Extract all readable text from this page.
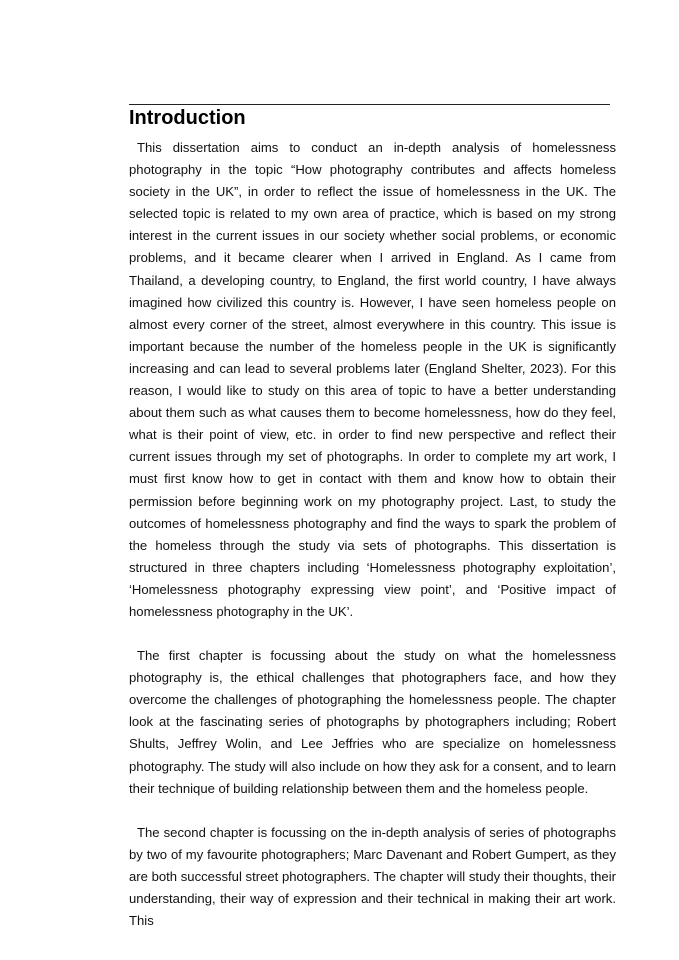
Introduction

This dissertation aims to conduct an in-depth analysis of homelessness photography in the topic “How photography contributes and affects homeless society in the UK”, in order to reflect the issue of homelessness in the UK. The selected topic is related to my own area of practice, which is based on my strong interest in the current issues in our society whether social problems, or economic problems, and it became clearer when I arrived in England. As I came from Thailand, a developing country, to England, the first world country, I have always imagined how civilized this country is. However, I have seen homeless people on almost every corner of the street, almost everywhere in this country. This issue is important because the number of the homeless people in the UK is significantly increasing and can lead to several problems later (England Shelter, 2023). For this reason, I would like to study on this area of topic to have a better understanding about them such as what causes them to become homelessness, how do they feel, what is their point of view, etc. in order to find new perspective and reflect their current issues through my set of photographs. In order to complete my art work, I must first know how to get in contact with them and know how to obtain their permission before beginning work on my photography project. Last, to study the outcomes of homelessness photography and find the ways to spark the problem of the homeless through the study via sets of photographs. This dissertation is structured in three chapters including ‘Homelessness photography exploitation’, ‘Homelessness photography expressing view point’, and ‘Positive impact of homelessness photography in the UK’.

The first chapter is focussing about the study on what the homelessness photography is, the ethical challenges that photographers face, and how they overcome the challenges of photographing the homelessness people. The chapter look at the fascinating series of photographs by photographers including; Robert Shults, Jeffrey Wolin, and Lee Jeffries who are specialize on homelessness photography. The study will also include on how they ask for a consent, and to learn their technique of building relationship between them and the homeless people.

The second chapter is focussing on the in-depth analysis of series of photographs by two of my favourite photographers; Marc Davenant and Robert Gumpert, as they are both successful street photographers. The chapter will study their thoughts, their understanding, their way of expression and their technical in making their art work. This
